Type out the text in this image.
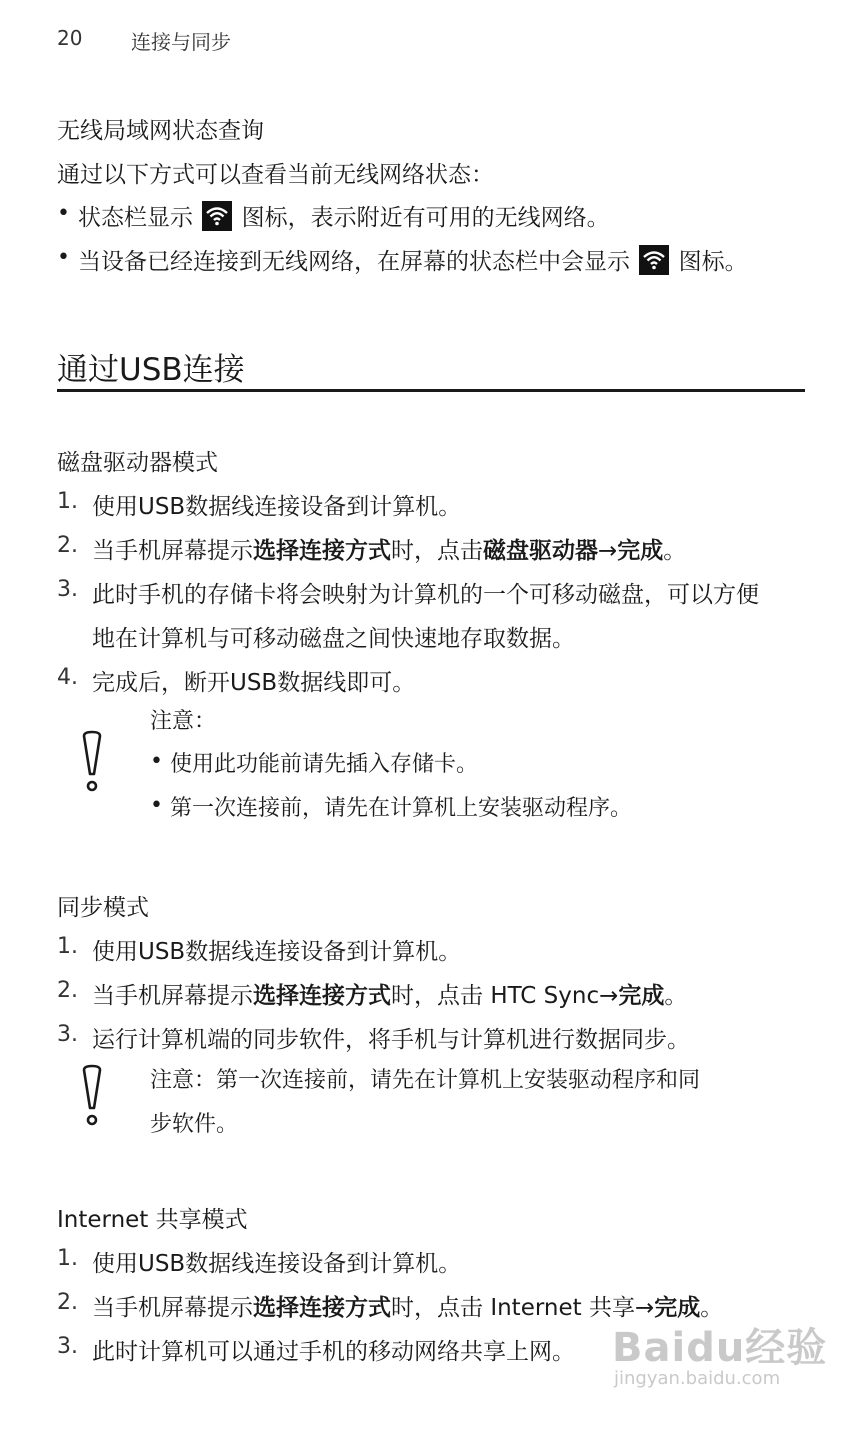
20 连接与同步
无线局域网状态查询
通过以下方式可以查看当前无线网络状态：
• 状态栏显示 图标，表示附近有可用的无线网络。
• 当设备已经连接到无线网络，在屏幕的状态栏中会显示 图标。
通过USB连接
磁盘驱动器模式
1. 使用USB数据线连接设备到计算机。
2. 当手机屏幕提示选择连接方式时，点击磁盘驱动器→完成。
3. 此时手机的存储卡将会映射为计算机的一个可移动磁盘，可以方便
地在计算机与可移动磁盘之间快速地存取数据。
4. 完成后，断开USB数据线即可。
注意：
• 使用此功能前请先插入存储卡。
• 第一次连接前，请先在计算机上安装驱动程序。
同步模式
1. 使用USB数据线连接设备到计算机。
2. 当手机屏幕提示选择连接方式时，点击 HTC Sync→完成。
3. 运行计算机端的同步软件，将手机与计算机进行数据同步。
注意：第一次连接前，请先在计算机上安装驱动程序和同
步软件。
Internet 共享模式
1. 使用USB数据线连接设备到计算机。
2. 当手机屏幕提示选择连接方式时，点击 Internet 共享→完成。
3. 此时计算机可以通过手机的移动网络共享上网。 Baidu经验
jingyan.baidu.com
